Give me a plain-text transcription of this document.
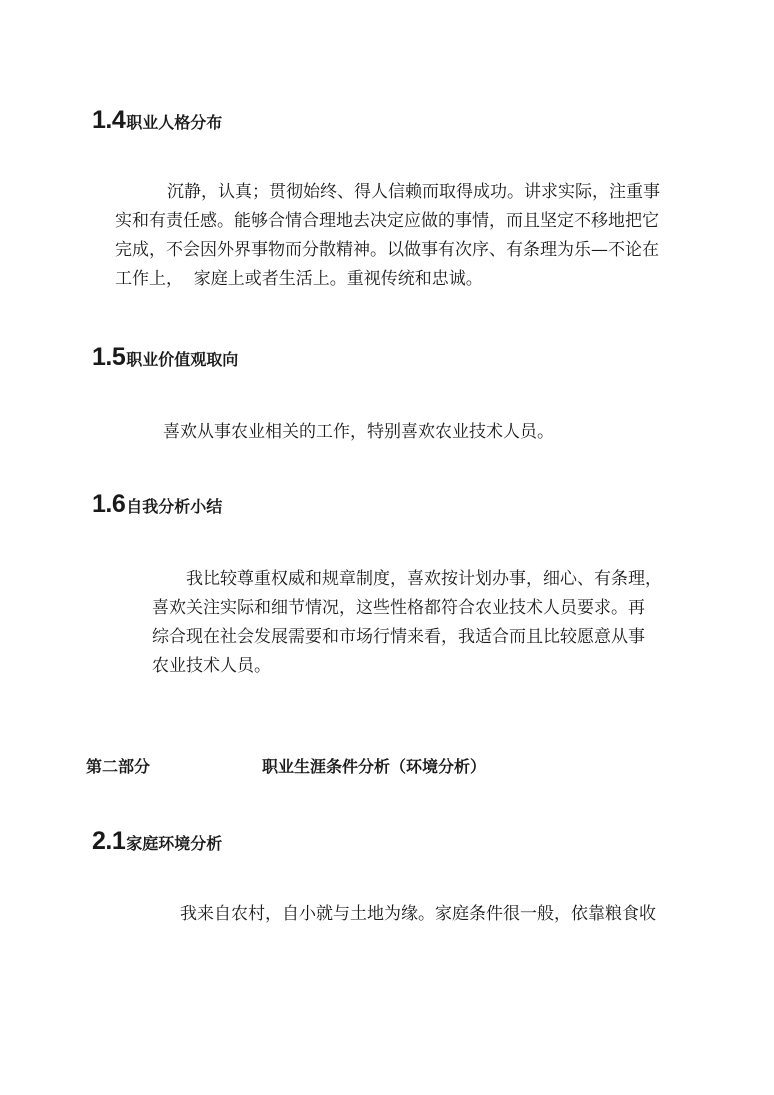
1.4 职业人格分布
沉静，认真；贯彻始终、得人信赖而取得成功。讲求实际，注重事
实和有责任感。能够合情合理地去决定应做的事情，而且坚定不移地把它
完成，不会因外界事物而分散精神。以做事有次序、有条理为乐—不论在
工作上，  家庭上或者生活上。重视传统和忠诚。
1.5 职业价值观取向
喜欢从事农业相关的工作，特别喜欢农业技术人员。
1.6 自我分析小结
我比较尊重权威和规章制度，喜欢按计划办事，细心、有条理，
喜欢关注实际和细节情况，这些性格都符合农业技术人员要求。再
综合现在社会发展需要和市场行情来看，我适合而且比较愿意从事
农业技术人员。
第二部分	职业生涯条件分析（环境分析）
2.1 家庭环境分析
我来自农村，自小就与土地为缘。家庭条件很一般，依靠粮食收
